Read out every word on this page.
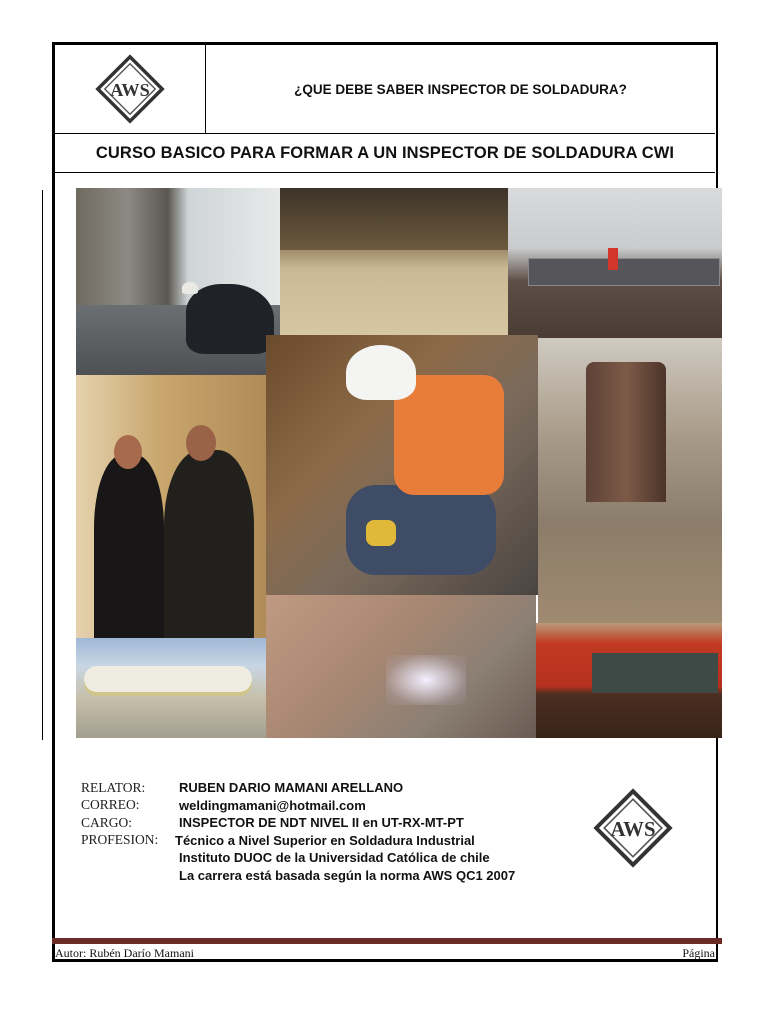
AWS	¿QUE DEBE SABER INSPECTOR DE SOLDADURA?
CURSO BASICO PARA FORMAR A UN INSPECTOR DE SOLDADURA CWI
RELATOR:	RUBEN DARIO MAMANI ARELLANO
CORREO:	weldingmamani@hotmail.com
CARGO:	INSPECTOR DE NDT NIVEL II en UT-RX-MT-PT
PROFESION:	Técnico a Nivel Superior en Soldadura Industrial
Instituto DUOC de la Universidad Católica de chile
La carrera está basada según la norma AWS QC1 2007
AWS
Autor: Rubén Darío Mamani	Página
